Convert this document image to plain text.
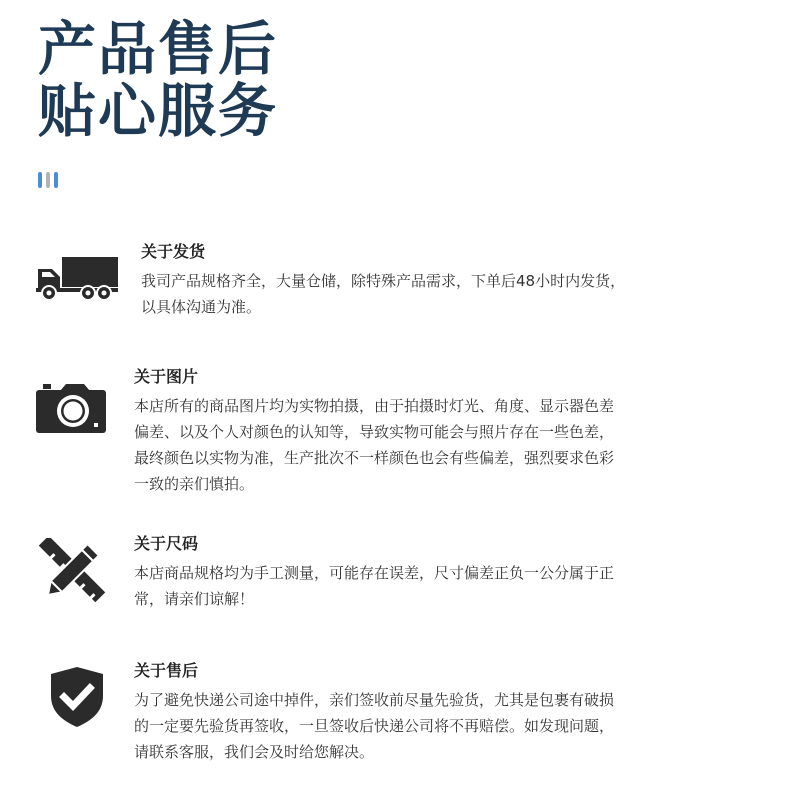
产品售后
贴心服务
关于发货

我司产品规格齐全，大量仓储，除特殊产品需求，下单后48小时内发货，
以具体沟通为准。

关于图片

本店所有的商品图片均为实物拍摄，由于拍摄时灯光、角度、显示器色差
偏差、以及个人对颜色的认知等，导致实物可能会与照片存在一些色差，
最终颜色以实物为准，生产批次不一样颜色也会有些偏差，强烈要求色彩
一致的亲们慎拍。

关于尺码

本店商品规格均为手工测量，可能存在误差，尺寸偏差正负一公分属于正
常，请亲们谅解！

关于售后

为了避免快递公司途中掉件，亲们签收前尽量先验货，尤其是包裹有破损
的一定要先验货再签收，一旦签收后快递公司将不再赔偿。如发现问题，
请联系客服，我们会及时给您解决。
